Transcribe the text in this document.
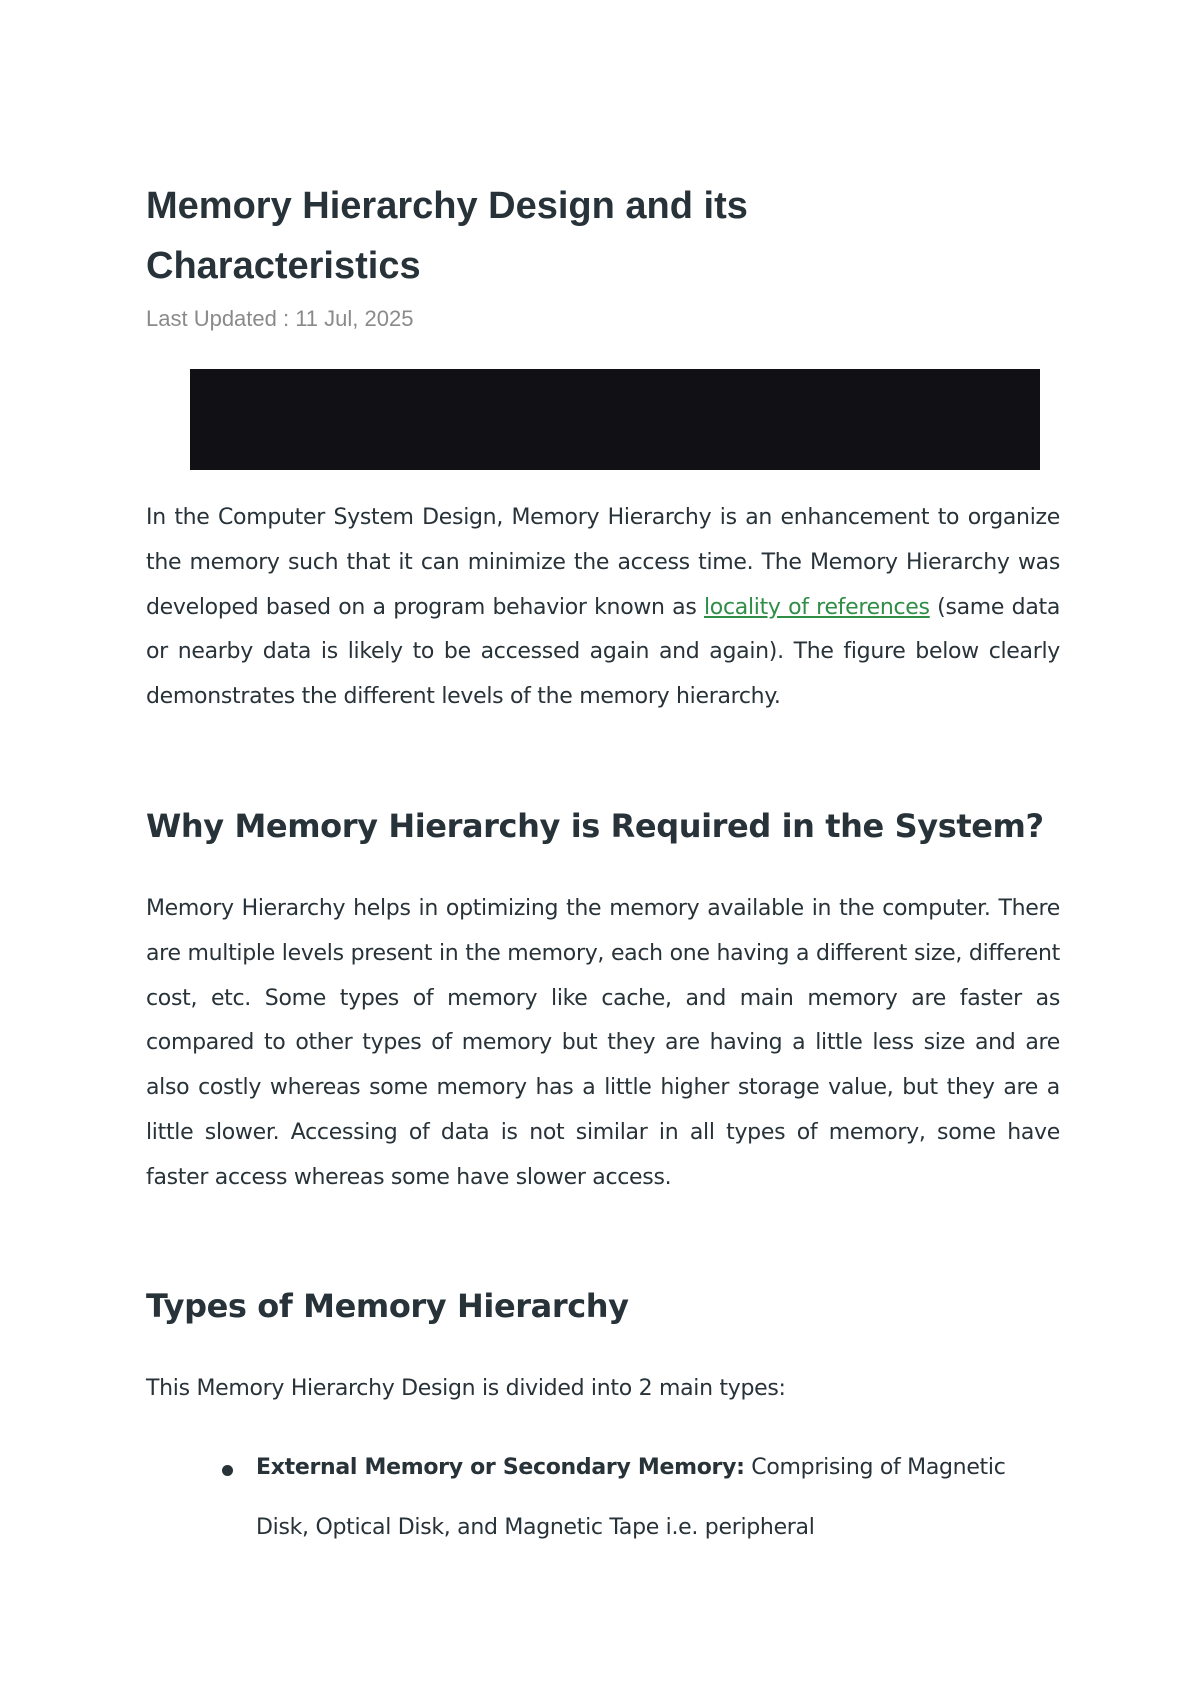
Memory Hierarchy Design and its Characteristics

Last Updated : 11 Jul, 2025

In the Computer System Design, Memory Hierarchy is an enhancement to organize the memory such that it can minimize the access time. The Memory Hierarchy was developed based on a program behavior known as locality of references (same data or nearby data is likely to be accessed again and again). The figure below clearly demonstrates the different levels of the memory hierarchy.

Why Memory Hierarchy is Required in the System?

Memory Hierarchy helps in optimizing the memory available in the computer. There are multiple levels present in the memory, each one having a different size, different cost, etc. Some types of memory like cache, and main memory are faster as compared to other types of memory but they are having a little less size and are also costly whereas some memory has a little higher storage value, but they are a little slower. Accessing of data is not similar in all types of memory, some have faster access whereas some have slower access.

Types of Memory Hierarchy

This Memory Hierarchy Design is divided into 2 main types:

External Memory or Secondary Memory: Comprising of Magnetic Disk, Optical Disk, and Magnetic Tape i.e. peripheral
